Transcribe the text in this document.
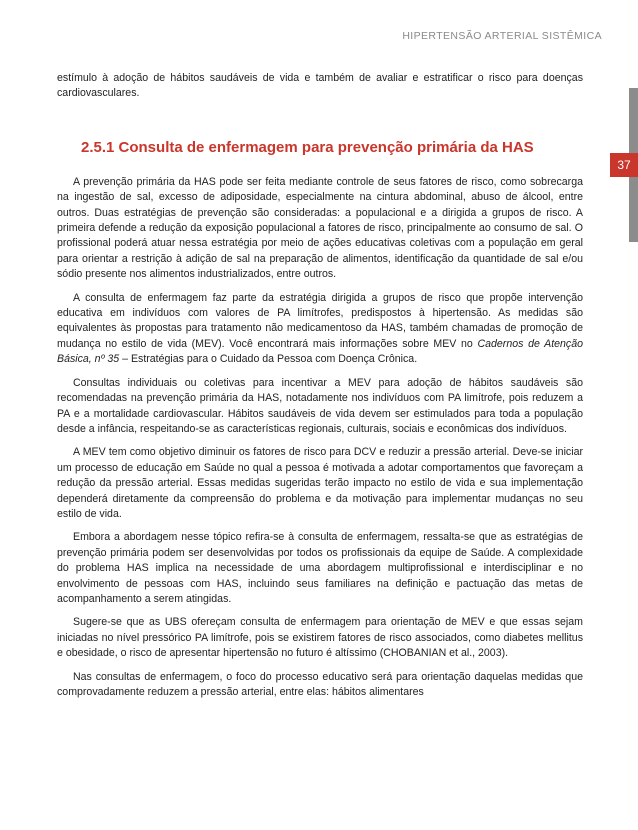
HIPERTENSÃO ARTERIAL SISTÊMICA
37

estímulo à adoção de hábitos saudáveis de vida e também de avaliar e estratificar o risco para doenças cardiovasculares.

2.5.1 Consulta de enfermagem para prevenção primária da HAS

A prevenção primária da HAS pode ser feita mediante controle de seus fatores de risco, como sobrecarga na ingestão de sal, excesso de adiposidade, especialmente na cintura abdominal, abuso de álcool, entre outros. Duas estratégias de prevenção são consideradas: a populacional e a dirigida a grupos de risco. A primeira defende a redução da exposição populacional a fatores de risco, principalmente ao consumo de sal. O profissional poderá atuar nessa estratégia por meio de ações educativas coletivas com a população em geral para orientar a restrição à adição de sal na preparação de alimentos, identificação da quantidade de sal e/ou sódio presente nos alimentos industrializados, entre outros.

A consulta de enfermagem faz parte da estratégia dirigida a grupos de risco que propõe intervenção educativa em indivíduos com valores de PA limítrofes, predispostos à hipertensão. As medidas são equivalentes às propostas para tratamento não medicamentoso da HAS, também chamadas de promoção de mudança no estilo de vida (MEV). Você encontrará mais informações sobre MEV no Cadernos de Atenção Básica, nº 35 – Estratégias para o Cuidado da Pessoa com Doença Crônica.

Consultas individuais ou coletivas para incentivar a MEV para adoção de hábitos saudáveis são recomendadas na prevenção primária da HAS, notadamente nos indivíduos com PA limítrofe, pois reduzem a PA e a mortalidade cardiovascular. Hábitos saudáveis de vida devem ser estimulados para toda a população desde a infância, respeitando-se as características regionais, culturais, sociais e econômicas dos indivíduos.

A MEV tem como objetivo diminuir os fatores de risco para DCV e reduzir a pressão arterial. Deve-se iniciar um processo de educação em Saúde no qual a pessoa é motivada a adotar comportamentos que favoreçam a redução da pressão arterial. Essas medidas sugeridas terão impacto no estilo de vida e sua implementação dependerá diretamente da compreensão do problema e da motivação para implementar mudanças no seu estilo de vida.

Embora a abordagem nesse tópico refira-se à consulta de enfermagem, ressalta-se que as estratégias de prevenção primária podem ser desenvolvidas por todos os profissionais da equipe de Saúde. A complexidade do problema HAS implica na necessidade de uma abordagem multiprofissional e interdisciplinar e no envolvimento de pessoas com HAS, incluindo seus familiares na definição e pactuação das metas de acompanhamento a serem atingidas.

Sugere-se que as UBS ofereçam consulta de enfermagem para orientação de MEV e que essas sejam iniciadas no nível pressórico PA limítrofe, pois se existirem fatores de risco associados, como diabetes mellitus e obesidade, o risco de apresentar hipertensão no futuro é altíssimo (CHOBANIAN et al., 2003).

Nas consultas de enfermagem, o foco do processo educativo será para orientação daquelas medidas que comprovadamente reduzem a pressão arterial, entre elas: hábitos alimentares
